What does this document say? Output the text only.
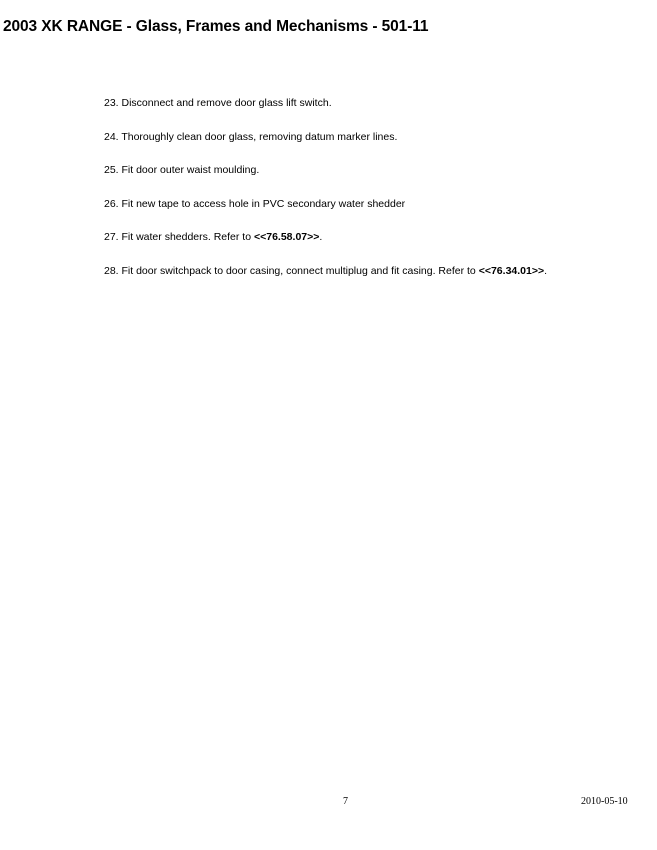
2003 XK RANGE - Glass, Frames and Mechanisms - 501-11
23. Disconnect and remove door glass lift switch.
24. Thoroughly clean door glass, removing datum marker lines.
25. Fit door outer waist moulding.
26. Fit new tape to access hole in PVC secondary water shedder
27. Fit water shedders. Refer to <<76.58.07>>.
28. Fit door switchpack to door casing, connect multiplug and fit casing. Refer to <<76.34.01>>.
7	2010-05-10
